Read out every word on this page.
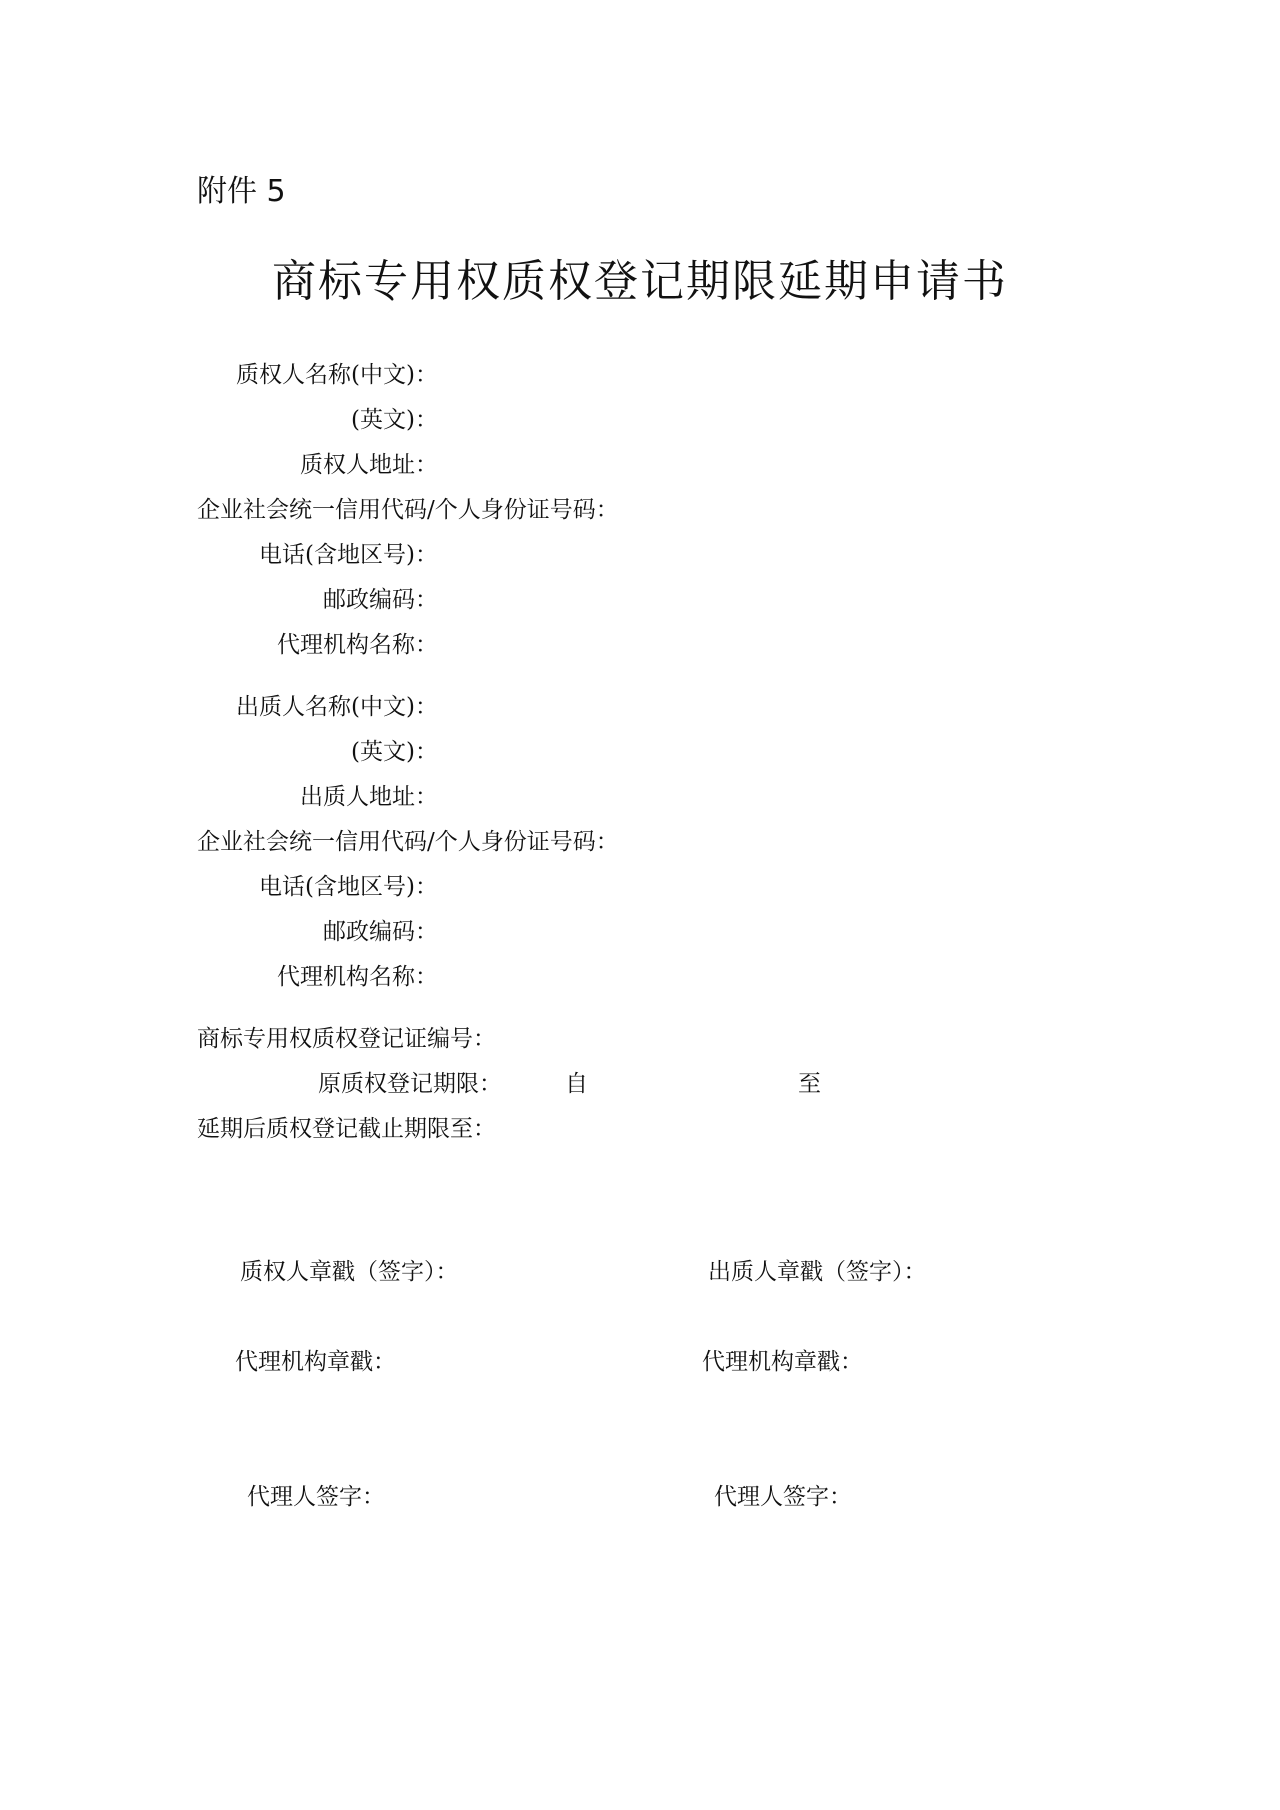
附件 5
商标专用权质权登记期限延期申请书
质权人名称(中文)：
(英文)：
质权人地址：
企业社会统一信用代码/个人身份证号码：
电话(含地区号)：
邮政编码：
代理机构名称：
出质人名称(中文)：
(英文)：
出质人地址：
企业社会统一信用代码/个人身份证号码：
电话(含地区号)：
邮政编码：
代理机构名称：
商标专用权质权登记证编号：
原质权登记期限：	自	至
延期后质权登记截止期限至：
质权人章戳（签字）：	出质人章戳（签字）：
代理机构章戳：	代理机构章戳：
代理人签字：	代理人签字：
